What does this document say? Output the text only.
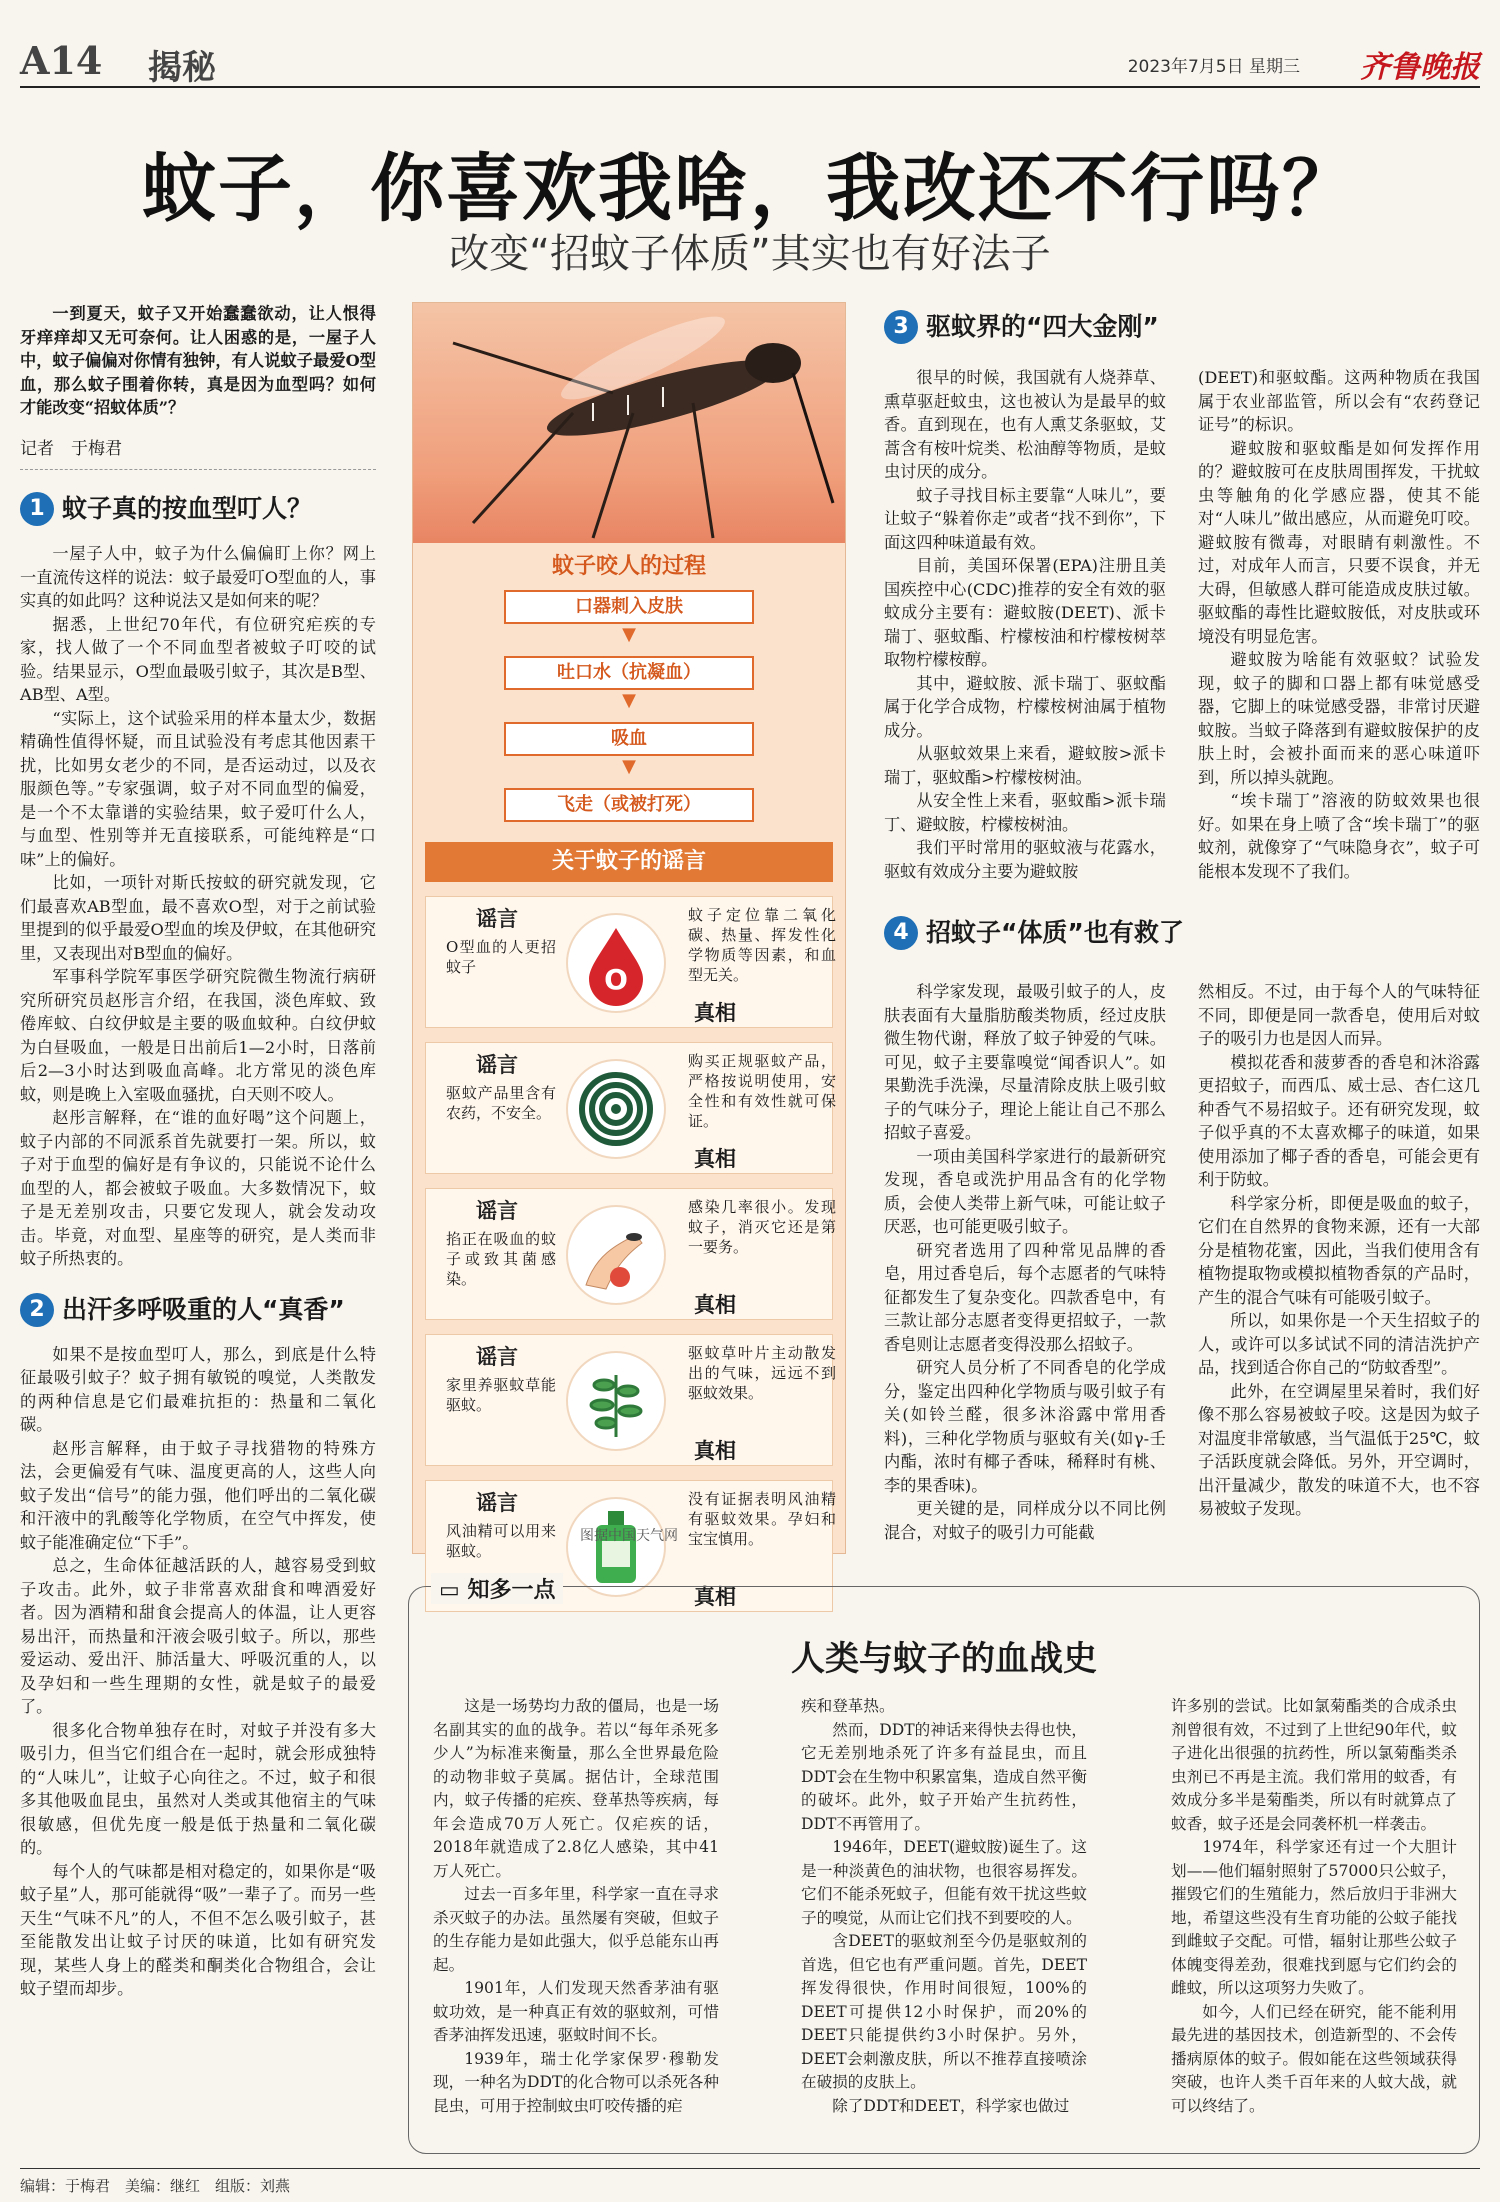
A14 揭秘	2023年7月5日 星期三 齐鲁晚报
蚊子，你喜欢我啥，我改还不行吗？
改变“招蚊子体质”其实也有好法子

一到夏天，蚊子又开始蠢蠢欲动，让人恨得牙痒痒却又无可奈何。让人困惑的是，一屋子人中，蚊子偏偏对你情有独钟，有人说蚊子最爱O型血，那么蚊子围着你转，真是因为血型吗？如何才能改变“招蚊体质”？

记者　于梅君
1 蚊子真的按血型叮人？

一屋子人中，蚊子为什么偏偏盯上你？网上一直流传这样的说法：蚊子最爱叮O型血的人，事实真的如此吗？这种说法又是如何来的呢？

据悉，上世纪70年代，有位研究疟疾的专家，找人做了一个不同血型者被蚊子叮咬的试验。结果显示，O型血最吸引蚊子，其次是B型、AB型、A型。

“实际上，这个试验采用的样本量太少，数据精确性值得怀疑，而且试验没有考虑其他因素干扰，比如男女老少的不同，是否运动过，以及衣服颜色等。”专家强调，蚊子对不同血型的偏爱，是一个不太靠谱的实验结果，蚊子爱叮什么人，与血型、性别等并无直接联系，可能纯粹是“口味”上的偏好。

比如，一项针对斯氏按蚊的研究就发现，它们最喜欢AB型血，最不喜欢O型，对于之前试验里提到的似乎最爱O型血的埃及伊蚊，在其他研究里，又表现出对B型血的偏好。

军事科学院军事医学研究院微生物流行病研究所研究员赵彤言介绍，在我国，淡色库蚊、致倦库蚊、白纹伊蚊是主要的吸血蚊种。白纹伊蚊为白昼吸血，一般是日出前后1—2小时，日落前后2—3小时达到吸血高峰。北方常见的淡色库蚊，则是晚上入室吸血骚扰，白天则不咬人。

赵彤言解释，在“谁的血好喝”这个问题上，蚊子内部的不同派系首先就要打一架。所以，蚊子对于血型的偏好是有争议的，只能说不论什么血型的人，都会被蚊子吸血。大多数情况下，蚊子是无差别攻击，只要它发现人，就会发动攻击。毕竟，对血型、星座等的研究，是人类而非蚊子所热衷的。

2 出汗多呼吸重的人“真香”

如果不是按血型叮人，那么，到底是什么特征最吸引蚊子？蚊子拥有敏锐的嗅觉，人类散发的两种信息是它们最难抗拒的：热量和二氧化碳。

赵彤言解释，由于蚊子寻找猎物的特殊方法，会更偏爱有气味、温度更高的人，这些人向蚊子发出“信号”的能力强，他们呼出的二氧化碳和汗液中的乳酸等化学物质，在空气中挥发，使蚊子能准确定位“下手”。

总之，生命体征越活跃的人，越容易受到蚊子攻击。此外，蚊子非常喜欢甜食和啤酒爱好者。因为酒精和甜食会提高人的体温，让人更容易出汗，而热量和汗液会吸引蚊子。所以，那些爱运动、爱出汗、肺活量大、呼吸沉重的人，以及孕妇和一些生理期的女性，就是蚊子的最爱了。

很多化合物单独存在时，对蚊子并没有多大吸引力，但当它们组合在一起时，就会形成独特的“人味儿”，让蚊子心向往之。不过，蚊子和很多其他吸血昆虫，虽然对人类或其他宿主的气味很敏感，但优先度一般是低于热量和二氧化碳的。

每个人的气味都是相对稳定的，如果你是“吸蚊子星”人，那可能就得“吸”一辈子了。而另一些天生“气味不凡”的人，不但不怎么吸引蚊子，甚至能散发出让蚊子讨厌的味道，比如有研究发现，某些人身上的醛类和酮类化合物组合，会让蚊子望而却步。

蚊子咬人的过程
口器刺入皮肤
▼
吐口水（抗凝血）
▼
吸血
▼
飞走（或被打死）
关于蚊子的谣言
谣言
O型血的人更招蚊子	O
蚊子定位靠二氧化碳、热量、挥发性化学物质等因素，和血型无关。
真相
谣言
驱蚊产品里含有农药，不安全。
购买正规驱蚊产品，严格按说明使用，安全性和有效性就可保证。
真相
谣言
掐正在吸血的蚊子或致其菌感染。
感染几率很小。发现蚊子，消灭它还是第一要务。
真相
谣言
家里养驱蚊草能驱蚊。
驱蚊草叶片主动散发出的气味，远远不到驱蚊效果。
真相
谣言
风油精可以用来驱蚊。
没有证据表明风油精有驱蚊效果。孕妇和宝宝慎用。
真相
图据中国天气网
3 驱蚊界的“四大金刚”

很早的时候，我国就有人烧莽草、熏草驱赶蚊虫，这也被认为是最早的蚊香。直到现在，也有人熏艾条驱蚊，艾蒿含有桉叶烷类、松油醇等物质，是蚊虫讨厌的成分。

蚊子寻找目标主要靠“人味儿”，要让蚊子“躲着你走”或者“找不到你”，下面这四种味道最有效。

目前，美国环保署(EPA)注册且美国疾控中心(CDC)推荐的安全有效的驱蚊成分主要有：避蚊胺(DEET)、派卡瑞丁、驱蚊酯、柠檬桉油和柠檬桉树萃取物柠檬桉醇。

其中，避蚊胺、派卡瑞丁、驱蚊酯属于化学合成物，柠檬桉树油属于植物成分。

从驱蚊效果上来看，避蚊胺>派卡瑞丁，驱蚊酯>柠檬桉树油。

从安全性上来看，驱蚊酯>派卡瑞丁、避蚊胺，柠檬桉树油。

我们平时常用的驱蚊液与花露水，驱蚊有效成分主要为避蚊胺

(DEET)和驱蚊酯。这两种物质在我国属于农业部监管，所以会有“农药登记证号”的标识。

避蚊胺和驱蚊酯是如何发挥作用的？避蚊胺可在皮肤周围挥发，干扰蚊虫等触角的化学感应器，使其不能对“人味儿”做出感应，从而避免叮咬。避蚊胺有微毒，对眼睛有刺激性。不过，对成年人而言，只要不误食，并无大碍，但敏感人群可能造成皮肤过敏。驱蚊酯的毒性比避蚊胺低，对皮肤或环境没有明显危害。

避蚊胺为啥能有效驱蚊？试验发现，蚊子的脚和口器上都有味觉感受器，它脚上的味觉感受器，非常讨厌避蚊胺。当蚊子降落到有避蚊胺保护的皮肤上时，会被扑面而来的恶心味道吓到，所以掉头就跑。

“埃卡瑞丁”溶液的防蚊效果也很好。如果在身上喷了含“埃卡瑞丁”的驱蚊剂，就像穿了“气味隐身衣”，蚊子可能根本发现不了我们。

4 招蚊子“体质”也有救了

科学家发现，最吸引蚊子的人，皮肤表面有大量脂肪酸类物质，经过皮肤微生物代谢，释放了蚊子钟爱的气味。可见，蚊子主要靠嗅觉“闻香识人”。如果勤洗手洗澡，尽量清除皮肤上吸引蚊子的气味分子，理论上能让自己不那么招蚊子喜爱。

一项由美国科学家进行的最新研究发现，香皂或洗护用品含有的化学物质，会使人类带上新气味，可能让蚊子厌恶，也可能更吸引蚊子。

研究者选用了四种常见品牌的香皂，用过香皂后，每个志愿者的气味特征都发生了复杂变化。四款香皂中，有三款让部分志愿者变得更招蚊子，一款香皂则让志愿者变得没那么招蚊子。

研究人员分析了不同香皂的化学成分，鉴定出四种化学物质与吸引蚊子有关(如铃兰醛，很多沐浴露中常用香料)，三种化学物质与驱蚊有关(如γ-壬内酯，浓时有椰子香味，稀释时有桃、李的果香味)。

更关键的是，同样成分以不同比例混合，对蚊子的吸引力可能截

然相反。不过，由于每个人的气味特征不同，即便是同一款香皂，使用后对蚊子的吸引力也是因人而异。

模拟花香和菠萝香的香皂和沐浴露更招蚊子，而西瓜、威士忌、杏仁这几种香气不易招蚊子。还有研究发现，蚊子似乎真的不太喜欢椰子的味道，如果使用添加了椰子香的香皂，可能会更有利于防蚊。

科学家分析，即便是吸血的蚊子，它们在自然界的食物来源，还有一大部分是植物花蜜，因此，当我们使用含有植物提取物或模拟植物香氛的产品时，产生的混合气味有可能吸引蚊子。

所以，如果你是一个天生招蚊子的人，或许可以多试试不同的清洁洗护产品，找到适合你自己的“防蚊香型”。

此外，在空调屋里呆着时，我们好像不那么容易被蚊子咬。这是因为蚊子对温度非常敏感，当气温低于25℃，蚊子活跃度就会降低。另外，开空调时，出汗量减少，散发的味道不大，也不容易被蚊子发现。

▭ 知多一点
人类与蚊子的血战史

这是一场势均力敌的僵局，也是一场名副其实的血的战争。若以“每年杀死多少人”为标准来衡量，那么全世界最危险的动物非蚊子莫属。据估计，全球范围内，蚊子传播的疟疾、登革热等疾病，每年会造成70万人死亡。仅疟疾的话，2018年就造成了2.8亿人感染，其中41万人死亡。

过去一百多年里，科学家一直在寻求杀灭蚊子的办法。虽然屡有突破，但蚊子的生存能力是如此强大，似乎总能东山再起。

1901年，人们发现天然香茅油有驱蚊功效，是一种真正有效的驱蚊剂，可惜香茅油挥发迅速，驱蚊时间不长。

1939年，瑞士化学家保罗·穆勒发现，一种名为DDT的化合物可以杀死各种昆虫，可用于控制蚊虫叮咬传播的疟

疾和登革热。

然而，DDT的神话来得快去得也快，它无差别地杀死了许多有益昆虫，而且DDT会在生物中积累富集，造成自然平衡的破坏。此外，蚊子开始产生抗药性，DDT不再管用了。

1946年，DEET(避蚊胺)诞生了。这是一种淡黄色的油状物，也很容易挥发。它们不能杀死蚊子，但能有效干扰这些蚊子的嗅觉，从而让它们找不到要咬的人。

含DEET的驱蚊剂至今仍是驱蚊剂的首选，但它也有严重问题。首先，DEET挥发得很快，作用时间很短，100%的DEET可提供12小时保护，而20%的DEET只能提供约3小时保护。另外，DEET会刺激皮肤，所以不推荐直接喷涂在破损的皮肤上。

除了DDT和DEET，科学家也做过

许多别的尝试。比如氯菊酯类的合成杀虫剂曾很有效，不过到了上世纪90年代，蚊子进化出很强的抗药性，所以氯菊酯类杀虫剂已不再是主流。我们常用的蚊香，有效成分多半是菊酯类，所以有时就算点了蚊香，蚊子还是会同袭杯机一样袭击。

1974年，科学家还有过一个大胆计划——他们辐射照射了57000只公蚊子，摧毁它们的生殖能力，然后放归于非洲大地，希望这些没有生育功能的公蚊子能找到雌蚊子交配。可惜，辐射让那些公蚊子体魄变得差劲，很难找到愿与它们约会的雌蚊，所以这项努力失败了。

如今，人们已经在研究，能不能利用最先进的基因技术，创造新型的、不会传播病原体的蚊子。假如能在这些领域获得突破，也许人类千百年来的人蚊大战，就可以终结了。

编辑：于梅君　美编：继红　组版：刘燕
